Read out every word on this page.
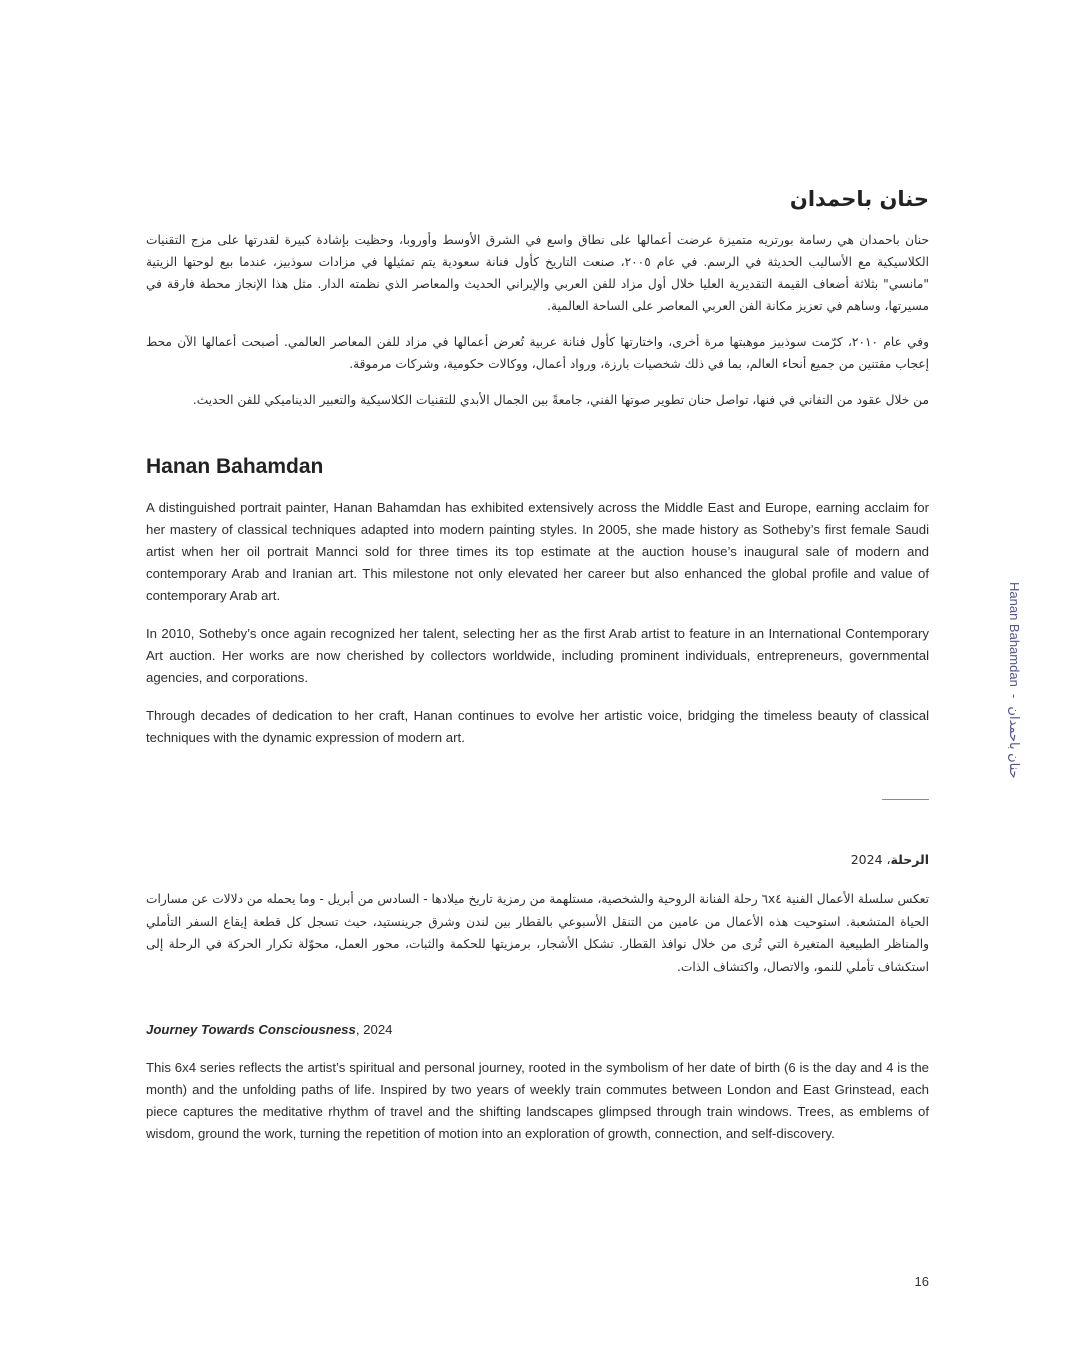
حنان باحمدان

حنان باحمدان هي رسامة بورتريه متميزة عرضت أعمالها على نطاق واسع في الشرق الأوسط وأوروبا، وحظيت بإشادة كبيرة لقدرتها على مزج التقنيات الكلاسيكية مع الأساليب الحديثة في الرسم. في عام ٢٠٠٥، صنعت التاريخ كأول فنانة سعودية يتم تمثيلها في مزادات سوذبيز، عندما بيع لوحتها الزيتية "مانسي" بثلاثة أضعاف القيمة التقديرية العليا خلال أول مزاد للفن العربي والإيراني الحديث والمعاصر الذي نظمته الدار. مثل هذا الإنجاز محطة فارقة في مسيرتها، وساهم في تعزيز مكانة الفن العربي المعاصر على الساحة العالمية.

وفي عام ٢٠١٠، كرّمت سوذبيز موهبتها مرة أخرى، واختارتها كأول فنانة عربية تُعرض أعمالها في مزاد للفن المعاصر العالمي. أصبحت أعمالها الآن محط إعجاب مقتنين من جميع أنحاء العالم، بما في ذلك شخصيات بارزة، ورواد أعمال، ووكالات حكومية، وشركات مرموقة.

من خلال عقود من التفاني في فنها، تواصل حنان تطوير صوتها الفني، جامعةً بين الجمال الأبدي للتقنيات الكلاسيكية والتعبير الديناميكي للفن الحديث.

Hanan Bahamdan

A distinguished portrait painter, Hanan Bahamdan has exhibited extensively across the Middle East and Europe, earning acclaim for her mastery of classical techniques adapted into modern painting styles. In 2005, she made history as Sotheby’s first female Saudi artist when her oil portrait Mannci sold for three times its top estimate at the auction house’s inaugural sale of modern and contemporary Arab and Iranian art. This milestone not only elevated her career but also enhanced the global profile and value of contemporary Arab art.

In 2010, Sotheby’s once again recognized her talent, selecting her as the first Arab artist to feature in an International Contemporary Art auction. Her works are now cherished by collectors worldwide, including prominent individuals, entrepreneurs, governmental agencies, and corporations.

Through decades of dedication to her craft, Hanan continues to evolve her artistic voice, bridging the timeless beauty of classical techniques with the dynamic expression of modern art.

الرحلة، 2024

تعكس سلسلة الأعمال الفنية ٦x٤ رحلة الفنانة الروحية والشخصية، مستلهمة من رمزية تاريخ ميلادها - السادس من أبريل - وما يحمله من دلالات عن مسارات الحياة المتشعبة. استوحيت هذه الأعمال من عامين من التنقل الأسبوعي بالقطار بين لندن وشرق جرينستيد، حيث تسجل كل قطعة إيقاع السفر التأملي والمناظر الطبيعية المتغيرة التي تُرى من خلال نوافذ القطار. تشكل الأشجار، برمزيتها للحكمة والثبات، محور العمل، محوّلة تكرار الحركة في الرحلة إلى استكشاف تأملي للنمو، والاتصال، واكتشاف الذات.

Journey Towards Consciousness, 2024

This 6x4 series reflects the artist’s spiritual and personal journey, rooted in the symbolism of her date of birth (6 is the day and 4 is the month) and the unfolding paths of life. Inspired by two years of weekly train commutes between London and East Grinstead, each piece captures the meditative rhythm of travel and the shifting landscapes glimpsed through train windows. Trees, as emblems of wisdom, ground the work, turning the repetition of motion into an exploration of growth, connection, and self-discovery.

Hanan Bahamdan - حنان باحمدان
16
